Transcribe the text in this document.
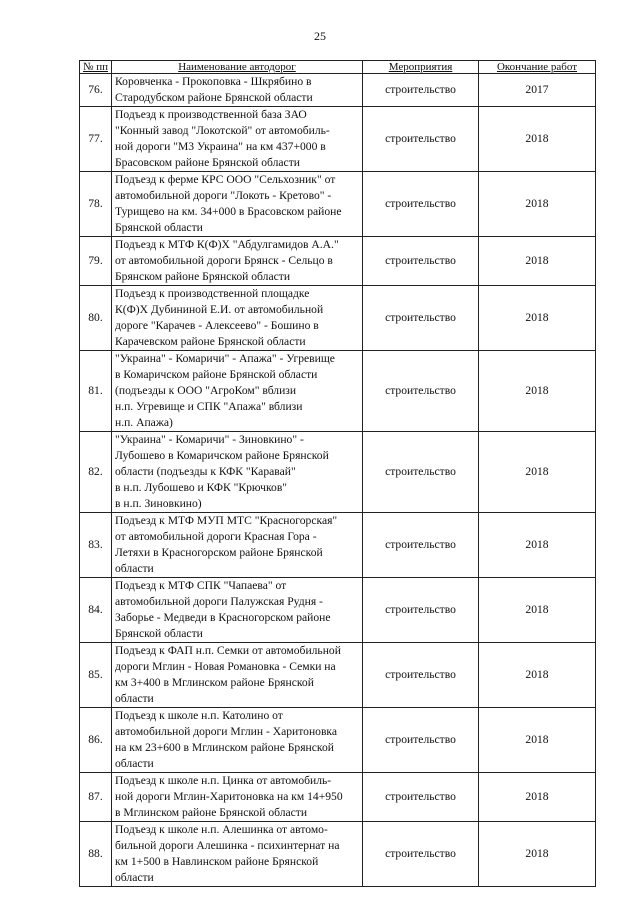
25
№ пп	Наименование автодорог	Мероприятия	Окончание работ
76.	Коровченка - Прокоповка - Шкрябино в
Стародубском районе Брянской области	строительство	2017
77.	Подъезд к производственной база ЗАО
"Конный завод "Локотской" от автомобиль-
ной дороги "М3 Украина" на км 437+000 в
Брасовском районе Брянской области	строительство	2018
78.	Подъезд к ферме КРС ООО "Сельхозник" от
автомобильной дороги "Локоть - Кретово" -
Турищево на км. 34+000 в Брасовском районе
Брянской области	строительство	2018
79.	Подъезд к МТФ К(Ф)Х "Абдулгамидов А.А."
от автомобильной дороги Брянск - Сельцо в
Брянском районе Брянской области	строительство	2018
80.	Подъезд к производственной площадке
К(Ф)Х Дубининой Е.И. от автомобильной
дороге "Карачев - Алексеево" - Бошино в
Карачевском районе Брянской области	строительство	2018
81.	"Украина" - Комаричи" - Апажа" - Угревище
в Комаричском районе Брянской области
(подъезды к ООО "АгроКом" вблизи
н.п. Угревище и СПК "Апажа" вблизи
н.п. Апажа)	строительство	2018
82.	"Украина" - Комаричи" - Зиновкино" -
Лубошево в Комаричском районе Брянской
области (подъезды к КФК "Каравай"
в н.п. Лубошево и КФК "Крючков"
в н.п. Зиновкино)	строительство	2018
83.	Подъезд к МТФ МУП МТС "Красногорская"
от автомобильной дороги Красная Гора -
Летяхи в Красногорском районе Брянской
области	строительство	2018
84.	Подъезд к МТФ СПК "Чапаева" от
автомобильной дороги Палужская Рудня -
Заборье - Медведи в Красногорском районе
Брянской области	строительство	2018
85.	Подъезд к ФАП н.п. Семки от автомобильной
дороги Мглин - Новая Романовка - Семки на
км 3+400 в Мглинском районе Брянской
области	строительство	2018
86.	Подъезд к школе н.п. Католино от
автомобильной дороги Мглин - Харитоновка
на км 23+600 в Мглинском районе Брянской
области	строительство	2018
87.	Подъезд к школе н.п. Цинка от автомобиль-
ной дороги Мглин-Харитоновка на км 14+950
в Мглинском районе Брянской области	строительство	2018
88.	Подъезд к школе н.п. Алешинка от автомо-
бильной дороги Алешинка - психинтернат на
км 1+500 в Навлинском районе Брянской
области	строительство	2018
